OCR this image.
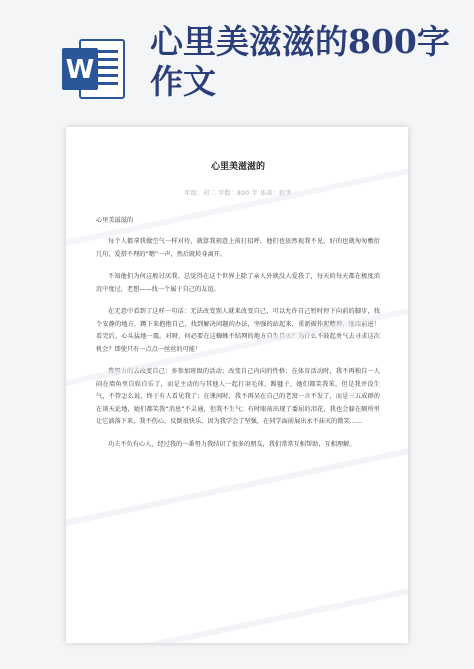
W
心里美滋滋的800字作文
心里美滋滋的
年级：初二 字数：800 字 体裁：叙事
心里美滋滋的

每个人都拿我做空气一样对待，就算我刻意上前打招呼，他们也依然视我不见，好的也就匆匆敷衍几句，爱搭不理的“嗯”一声，然后就转身离开。

不知他们为何这般讨厌我。总觉得在这个世界上除了亲人外就没人爱我了，每天的每天都在极度消沉中度过，老想——找一个属于自己的友谊。

在无意中看到了这样一句话：无法改变别人就来改变自己，可以允许自己暂时停下向前的脚步，找个安静的地方，蹲下来抱抱自己，找到解决问题的办法，坚强的站起来，重新振作起精神，继续前进！看完后，心头猛地一震。对呀，何必要在这蜘蛛不结网的地方自生自灭？为什么不鼓起勇气去寻求这次机会？即使只有一点点一丝丝的可能！

我努力的去改变自己：多参加班级的活动；改变自己内向的性格；在体育活动时，我不再独自一人闷在墙角里自娱自乐了，而是主动的与其他人一起打羽毛球、踢毽子，她们都笑我笨，但是我并没生气，不管怎么说，终于有人看见我了；在课间时，我不再呆在自己的老窝一言不发了，而是三五成群的在谈天论地，她们都笑我“消息”不灵通，但我不生气；有时眼前出现了委屈的泪花，我也会躲在厕所里让它淌落下来，我不伤心，反倒很快乐，因为我学会了坚强，在同学面前展出永不抹灭的微笑……

功夫不负有心人，经过我的一番努力我结识了很多的朋友，我们常常互相帮助，互相理解。
